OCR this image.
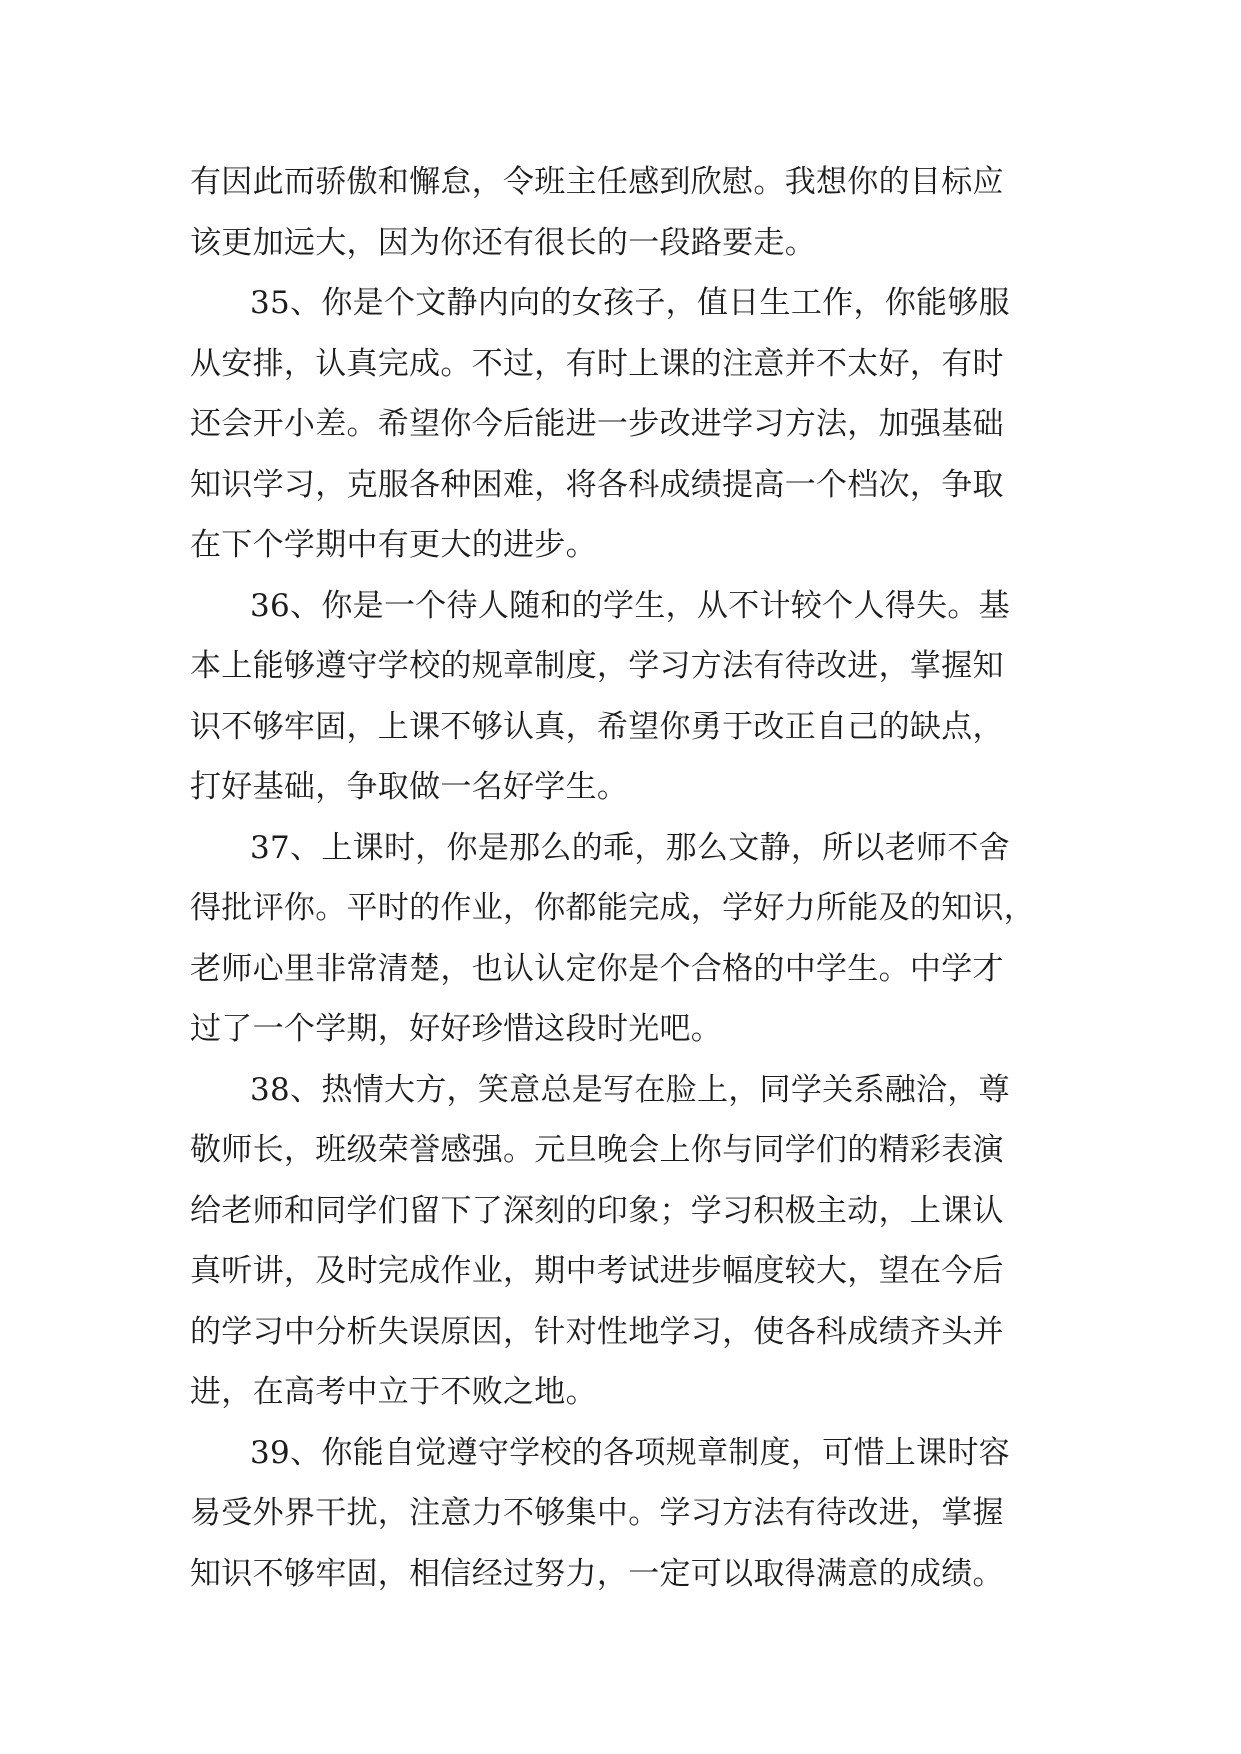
有因此而骄傲和懈怠，令班主任感到欣慰。我想你的目标应
该更加远大，因为你还有很长的一段路要走。
35、你是个文静内向的女孩子，值日生工作，你能够服
从安排，认真完成。不过，有时上课的注意并不太好，有时
还会开小差。希望你今后能进一步改进学习方法，加强基础
知识学习，克服各种困难，将各科成绩提高一个档次，争取
在下个学期中有更大的进步。
36、你是一个待人随和的学生，从不计较个人得失。基
本上能够遵守学校的规章制度，学习方法有待改进，掌握知
识不够牢固，上课不够认真，希望你勇于改正自己的缺点，
打好基础，争取做一名好学生。
37、上课时，你是那么的乖，那么文静，所以老师不舍
得批评你。平时的作业，你都能完成，学好力所能及的知识，
老师心里非常清楚，也认认定你是个合格的中学生。中学才
过了一个学期，好好珍惜这段时光吧。
38、热情大方，笑意总是写在脸上，同学关系融洽，尊
敬师长，班级荣誉感强。元旦晚会上你与同学们的精彩表演
给老师和同学们留下了深刻的印象；学习积极主动，上课认
真听讲，及时完成作业，期中考试进步幅度较大，望在今后
的学习中分析失误原因，针对性地学习，使各科成绩齐头并
进，在高考中立于不败之地。
39、你能自觉遵守学校的各项规章制度，可惜上课时容
易受外界干扰，注意力不够集中。学习方法有待改进，掌握
知识不够牢固，相信经过努力，一定可以取得满意的成绩。
